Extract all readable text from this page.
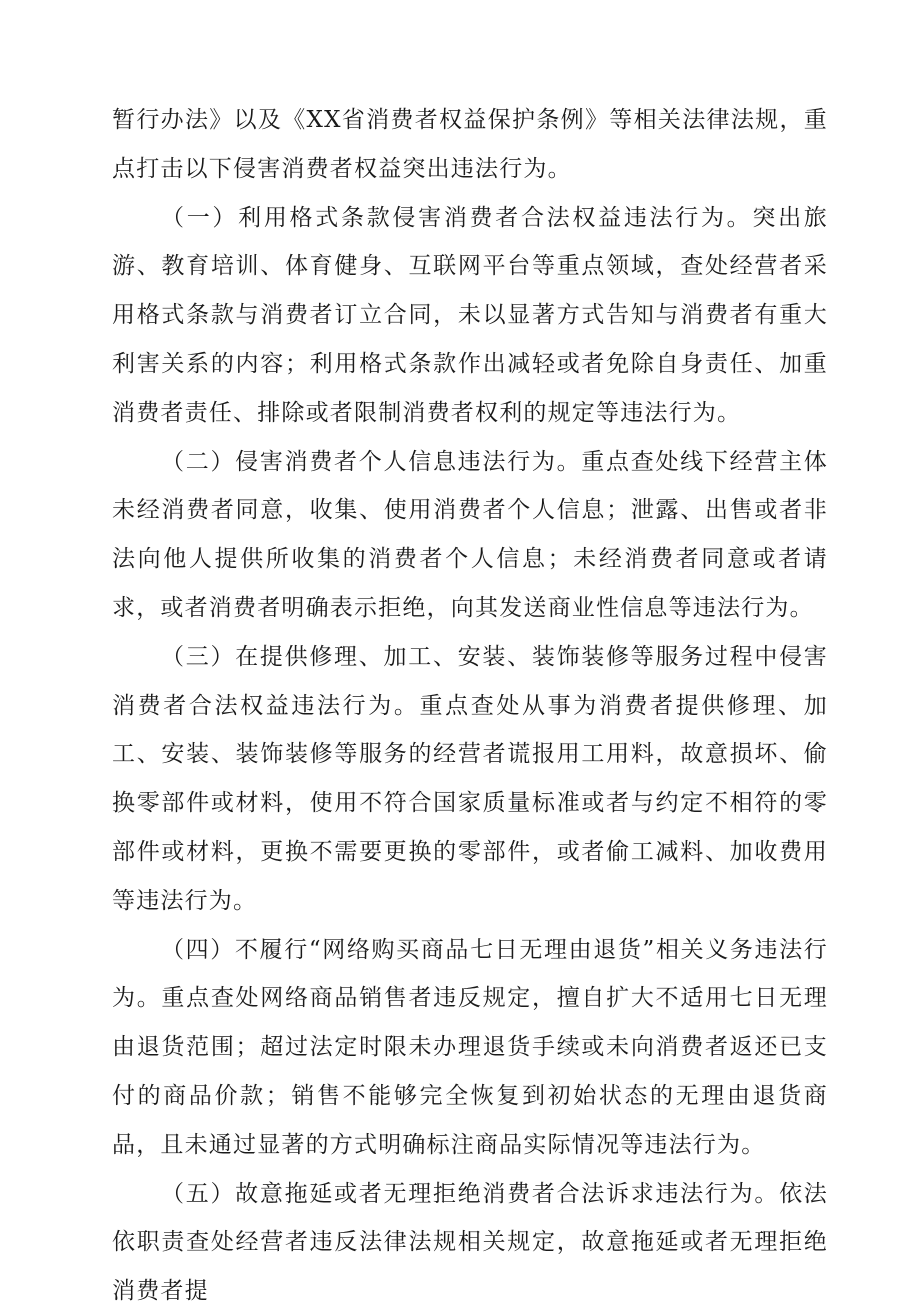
暂行办法》以及《XX省消费者权益保护条例》等相关法律法规，重点打击以下侵害消费者权益突出违法行为。

（一）利用格式条款侵害消费者合法权益违法行为。突出旅游、教育培训、体育健身、互联网平台等重点领域，查处经营者采用格式条款与消费者订立合同，未以显著方式告知与消费者有重大利害关系的内容；利用格式条款作出减轻或者免除自身责任、加重消费者责任、排除或者限制消费者权利的规定等违法行为。

（二）侵害消费者个人信息违法行为。重点查处线下经营主体未经消费者同意，收集、使用消费者个人信息；泄露、出售或者非法向他人提供所收集的消费者个人信息；未经消费者同意或者请求，或者消费者明确表示拒绝，向其发送商业性信息等违法行为。

（三）在提供修理、加工、安装、装饰装修等服务过程中侵害消费者合法权益违法行为。重点查处从事为消费者提供修理、加工、安装、装饰装修等服务的经营者谎报用工用料，故意损坏、偷换零部件或材料，使用不符合国家质量标准或者与约定不相符的零部件或材料，更换不需要更换的零部件，或者偷工减料、加收费用等违法行为。

（四）不履行“网络购买商品七日无理由退货”相关义务违法行为。重点查处网络商品销售者违反规定，擅自扩大不适用七日无理由退货范围；超过法定时限未办理退货手续或未向消费者返还已支付的商品价款；销售不能够完全恢复到初始状态的无理由退货商品，且未通过显著的方式明确标注商品实际情况等违法行为。

（五）故意拖延或者无理拒绝消费者合法诉求违法行为。依法依职责查处经营者违反法律法规相关规定，故意拖延或者无理拒绝消费者提
